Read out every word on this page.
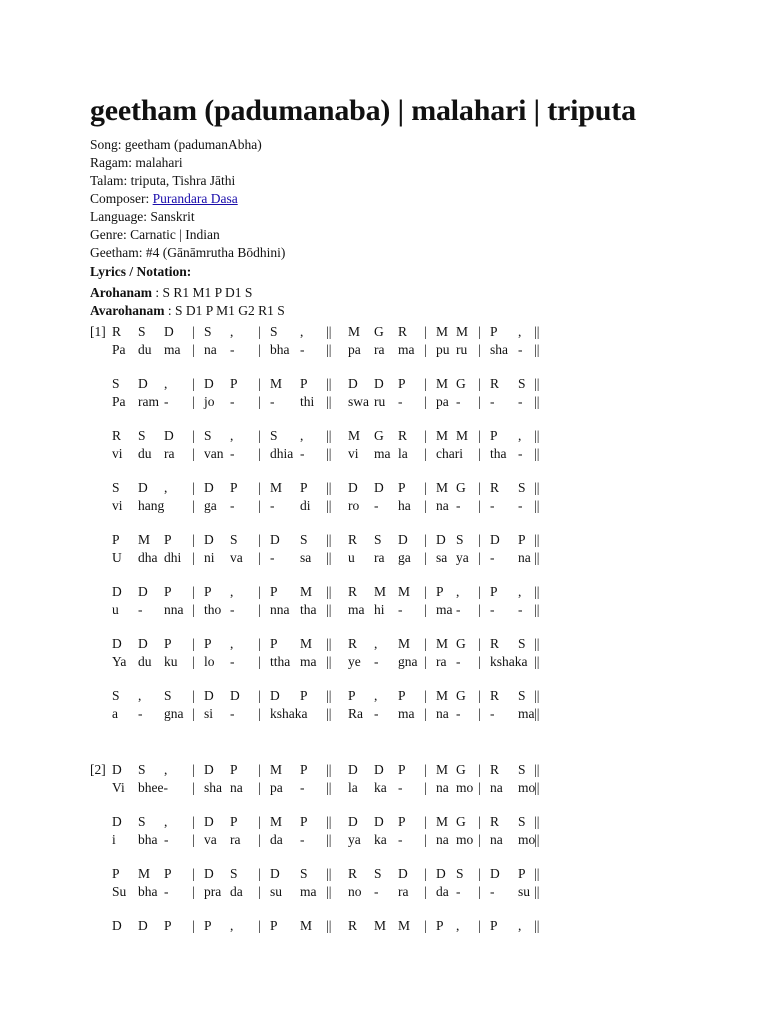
geetham (padumanaba) | malahari | triputa
Song: geetham (padumanAbha)
Ragam: malahari
Talam: triputa, Tishra Jāthi
Composer: Purandara Dasa
Language: Sanskrit
Genre: Carnatic | Indian
Geetham: #4 (Gānāmrutha Bōdhini)
Lyrics / Notation:
Arohanam : S R1 M1 P D1 S
Avarohanam : S D1 P M1 G2 R1 S
[1] R S D | S , | S , || M G R | M M | P , ||
Pa du ma | na - | bha - || pa ra ma | pu ru | sha - ||
S D , | D P | M P || D D P | M G | R S ||
Pa ram - | jo - | - thi || swa ru - | pa - | - - ||
R S D | S , | S , || M G R | M M | P , ||
vi du ra | van - | dhia - || vi ma la | chari | tha - ||
S D , | D P | M P || D D P | M G | R S ||
vi hang | ga - | - di || ro - ha | na - | - - ||
P M P | D S | D S || R S D | D S | D P ||
U dha dhi | ni va | - sa || u ra ga | sa ya | - na ||
D D P | P , | P M || R M M | P , | P , ||
u - nna | tho - | nna tha || ma hi - | ma - | - - ||
D D P | P , | P M || R , M | M G | R S ||
Ya du ku | lo - | ttha ma || ye - gna | ra - | kshaka ||
S , S | D D | D P || P , P | M G | R S ||
a - gna | si - | kshaka || Ra - ma | na - | - ma ||
[2] D S , | D P | M P || D D P | M G | R S ||
Vi bhee- | sha na | pa - || la ka - | na mo | na mo
||
D S , | D P | M P || D D P | M G | R S ||
i bha - | va ra | da - || ya ka - | na mo | na mo
||
P M P | D S | D S || R S D | D S | D P ||
Su bha - | pra da | su ma || no - ra | da - | - su ||
D D P | P , | P M || R M M | P , | P , ||
